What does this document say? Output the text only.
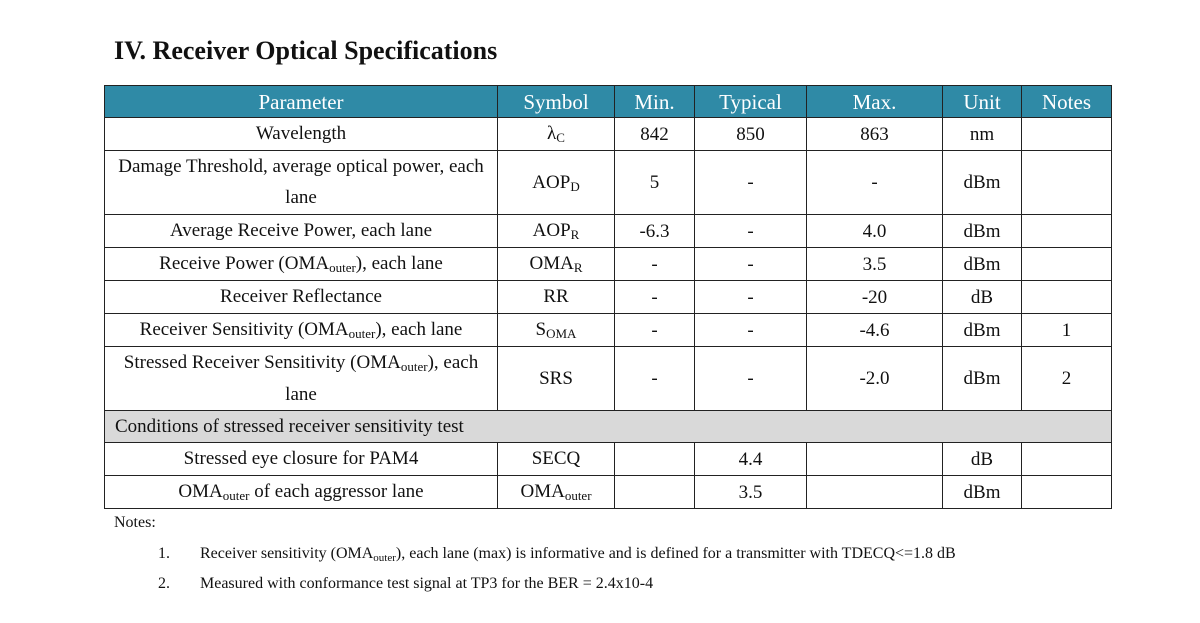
IV. Receiver Optical Specifications
Parameter	Symbol	Min.	Typical	Max.	Unit	Notes
Wavelength	λC	842	850	863	nm	
Damage Threshold, average optical power, each lane	AOPD	5	-	-	dBm	
Average Receive Power, each lane	AOPR	-6.3	-	4.0	dBm	
Receive Power (OMAouter), each lane	OMAR	-	-	3.5	dBm	
Receiver Reflectance	RR	-	-	-20	dB	
Receiver Sensitivity (OMAouter), each lane	SOMA	-	-	-4.6	dBm	1
Stressed Receiver Sensitivity (OMAouter), each lane	SRS	-	-	-2.0	dBm	2
Conditions of stressed receiver sensitivity test						
Stressed eye closure for PAM4	SECQ		4.4		dB	
OMAouter of each aggressor lane	OMAouter		3.5		dBm	

Notes:

1. Receiver sensitivity (OMAouter), each lane (max) is informative and is defined for a transmitter with TDECQ<=1.8 dB

2. Measured with conformance test signal at TP3 for the BER = 2.4x10-4
